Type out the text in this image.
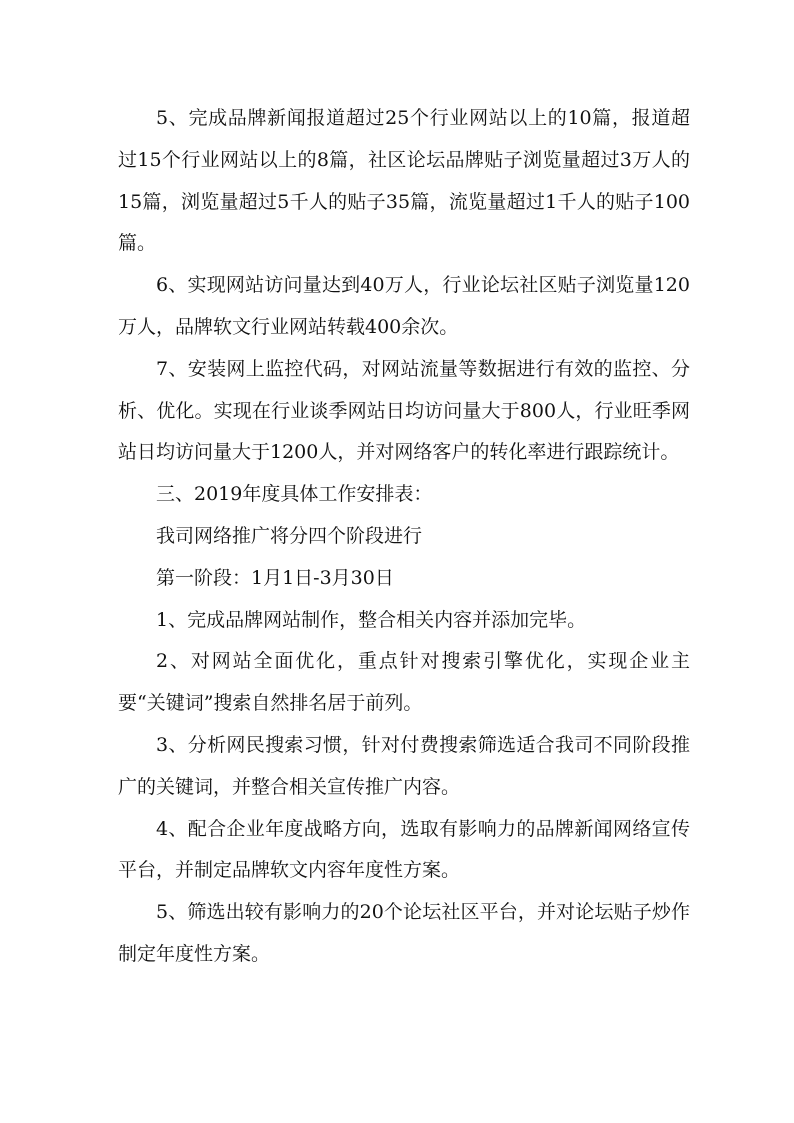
5、完成品牌新闻报道超过25个行业网站以上的10篇，报道超过15个行业网站以上的8篇，社区论坛品牌贴子浏览量超过3万人的15篇，浏览量超过5千人的贴子35篇，流览量超过1千人的贴子100篇。

6、实现网站访问量达到40万人，行业论坛社区贴子浏览量120万人，品牌软文行业网站转载400余次。

7、安装网上监控代码，对网站流量等数据进行有效的监控、分析、优化。实现在行业谈季网站日均访问量大于800人，行业旺季网站日均访问量大于1200人，并对网络客户的转化率进行跟踪统计。

三、2019年度具体工作安排表：

我司网络推广将分四个阶段进行

第一阶段：1月1日-3月30日

1、完成品牌网站制作，整合相关内容并添加完毕。

2、对网站全面优化，重点针对搜索引擎优化，实现企业主要“关键词”搜索自然排名居于前列。

3、分析网民搜索习惯，针对付费搜索筛选适合我司不同阶段推广的关键词，并整合相关宣传推广内容。

4、配合企业年度战略方向，选取有影响力的品牌新闻网络宣传平台，并制定品牌软文内容年度性方案。

5、筛选出较有影响力的20个论坛社区平台，并对论坛贴子炒作制定年度性方案。
